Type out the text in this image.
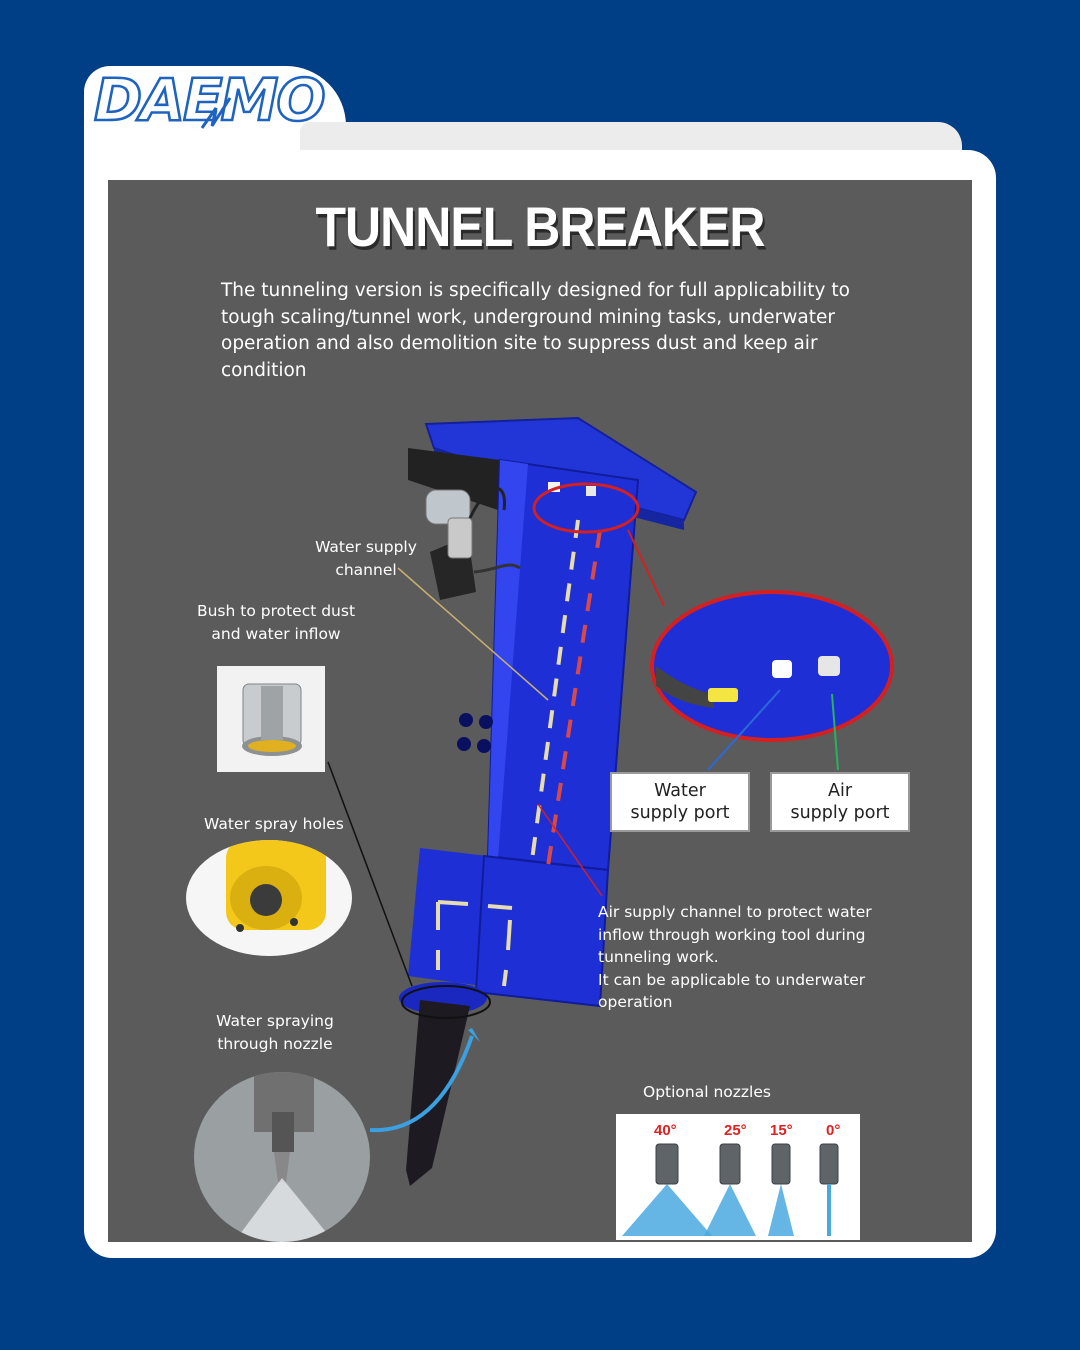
DAEMO
TUNNEL BREAKER
The tunneling version is specifically designed for full applicability to tough scaling/tunnel work, underground mining tasks, underwater operation and also demolition site to suppress dust and keep air condition
Water supply
channel
Bush to protect dust
and water inflow
Water spray holes
Water spraying
through nozzle
Air supply channel to protect water
inflow through working tool during
tunneling work.
It can be applicable to underwater
operation
Optional nozzles
Water
supply port
Air
supply port
40°	25° 15° 0°
